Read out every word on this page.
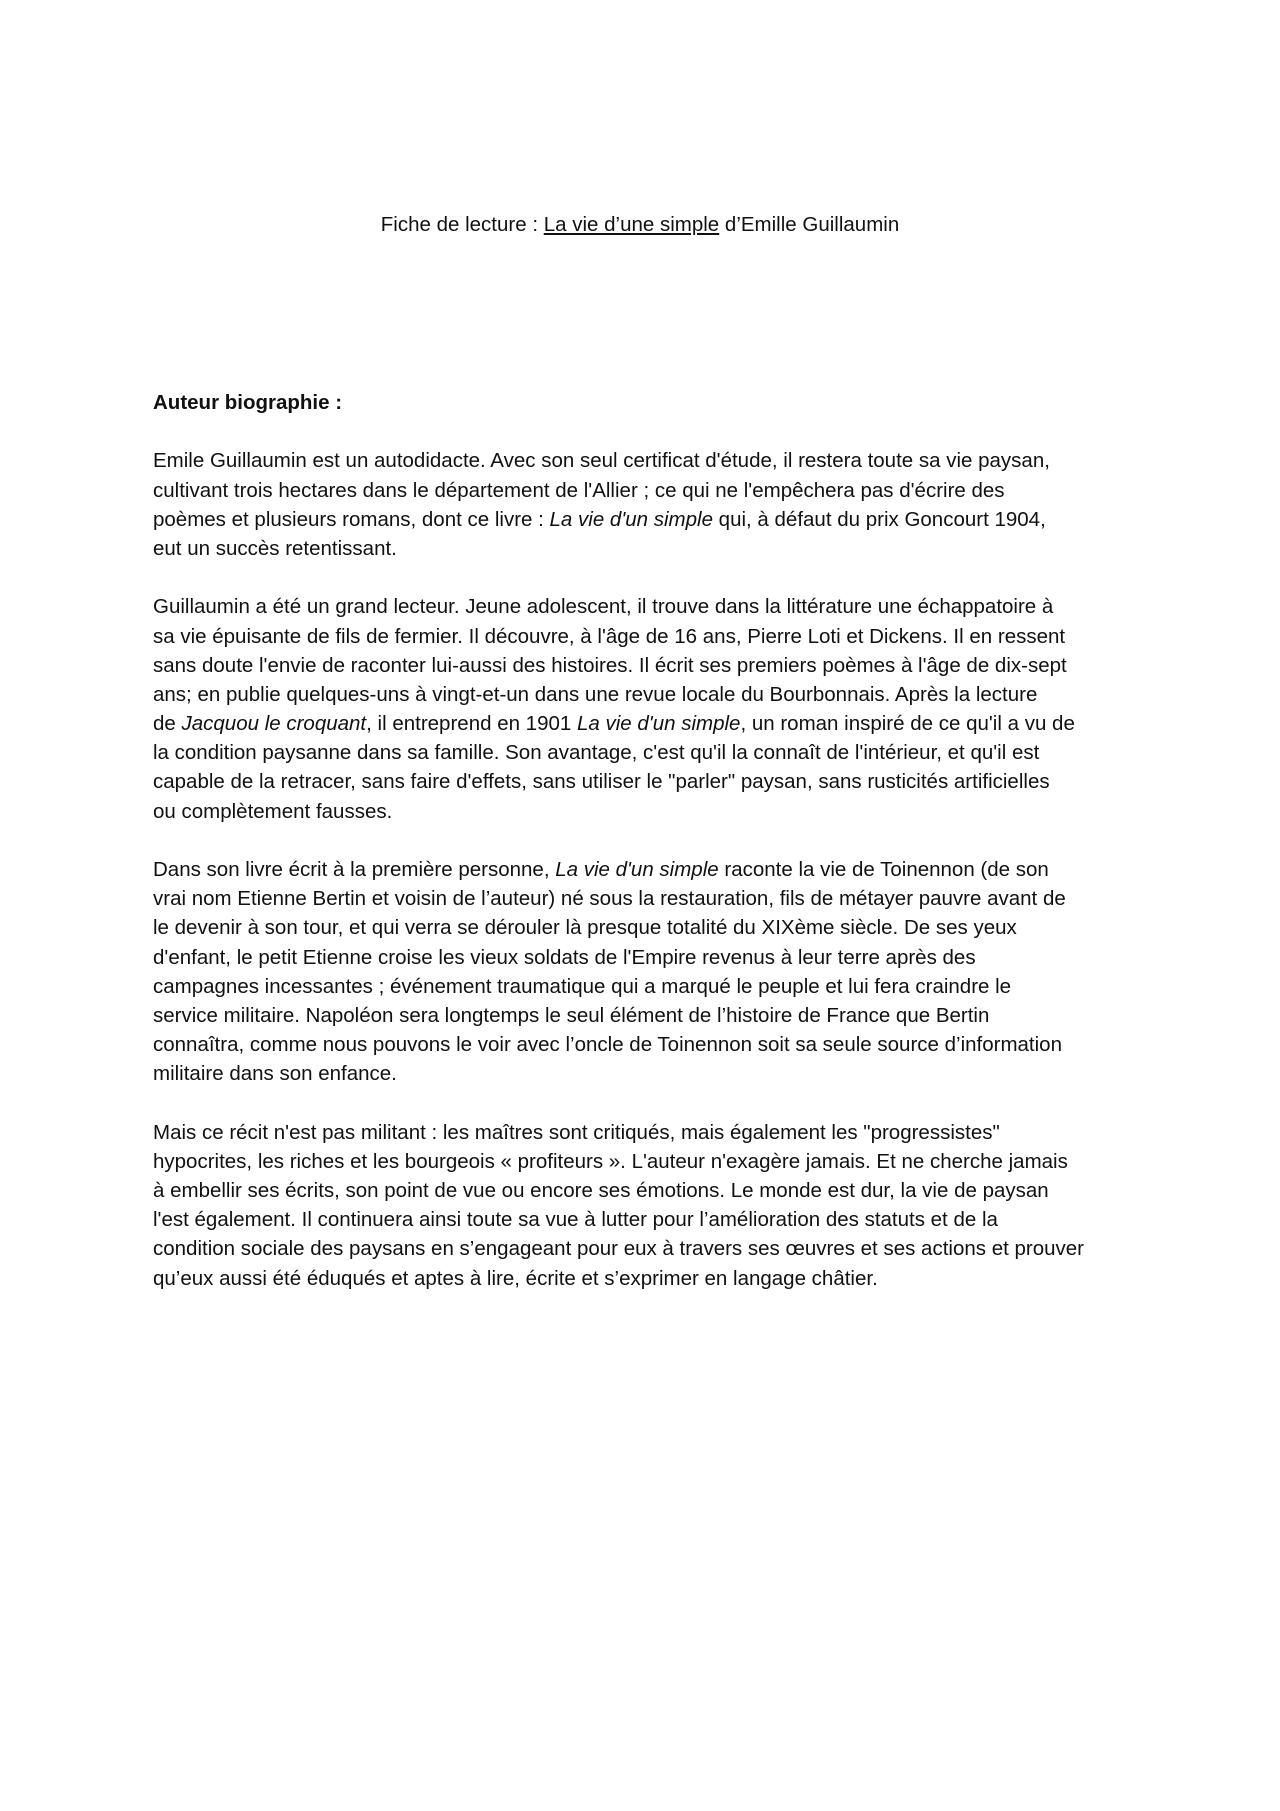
Fiche de lecture : La vie d’une simple d’Emille Guillaumin

Auteur biographie :

Emile Guillaumin est un autodidacte. Avec son seul certificat d'étude, il restera toute sa vie paysan,
cultivant trois hectares dans le département de l'Allier ; ce qui ne l'empêchera pas d'écrire des
poèmes et plusieurs romans, dont ce livre : La vie d'un simple qui, à défaut du prix Goncourt 1904,
eut un succès retentissant.

Guillaumin a été un grand lecteur. Jeune adolescent, il trouve dans la littérature une échappatoire à
sa vie épuisante de fils de fermier. Il découvre, à l'âge de 16 ans, Pierre Loti et Dickens. Il en ressent
sans doute l'envie de raconter lui-aussi des histoires. Il écrit ses premiers poèmes à l'âge de dix-sept
ans; en publie quelques-uns à vingt-et-un dans une revue locale du Bourbonnais. Après la lecture
de Jacquou le croquant, il entreprend en 1901 La vie d'un simple, un roman inspiré de ce qu'il a vu de
la condition paysanne dans sa famille. Son avantage, c'est qu'il la connaît de l'intérieur, et qu'il est
capable de la retracer, sans faire d'effets, sans utiliser le "parler" paysan, sans rusticités artificielles
ou complètement fausses.

Dans son livre écrit à la première personne, La vie d'un simple raconte la vie de Toinennon (de son
vrai nom Etienne Bertin et voisin de l’auteur) né sous la restauration, fils de métayer pauvre avant de
le devenir à son tour, et qui verra se dérouler là presque totalité du XIXème siècle. De ses yeux
d'enfant, le petit Etienne croise les vieux soldats de l'Empire revenus à leur terre après des
campagnes incessantes ; événement traumatique qui a marqué le peuple et lui fera craindre le
service militaire. Napoléon sera longtemps le seul élément de l’histoire de France que Bertin
connaîtra, comme nous pouvons le voir avec l’oncle de Toinennon soit sa seule source d’information
militaire dans son enfance.

Mais ce récit n'est pas militant : les maîtres sont critiqués, mais également les "progressistes"
hypocrites, les riches et les bourgeois « profiteurs ». L'auteur n'exagère jamais. Et ne cherche jamais
à embellir ses écrits, son point de vue ou encore ses émotions. Le monde est dur, la vie de paysan
l'est également. Il continuera ainsi toute sa vue à lutter pour l’amélioration des statuts et de la
condition sociale des paysans en s’engageant pour eux à travers ses œuvres et ses actions et prouver
qu’eux aussi été éduqués et aptes à lire, écrite et s’exprimer en langage châtier.
